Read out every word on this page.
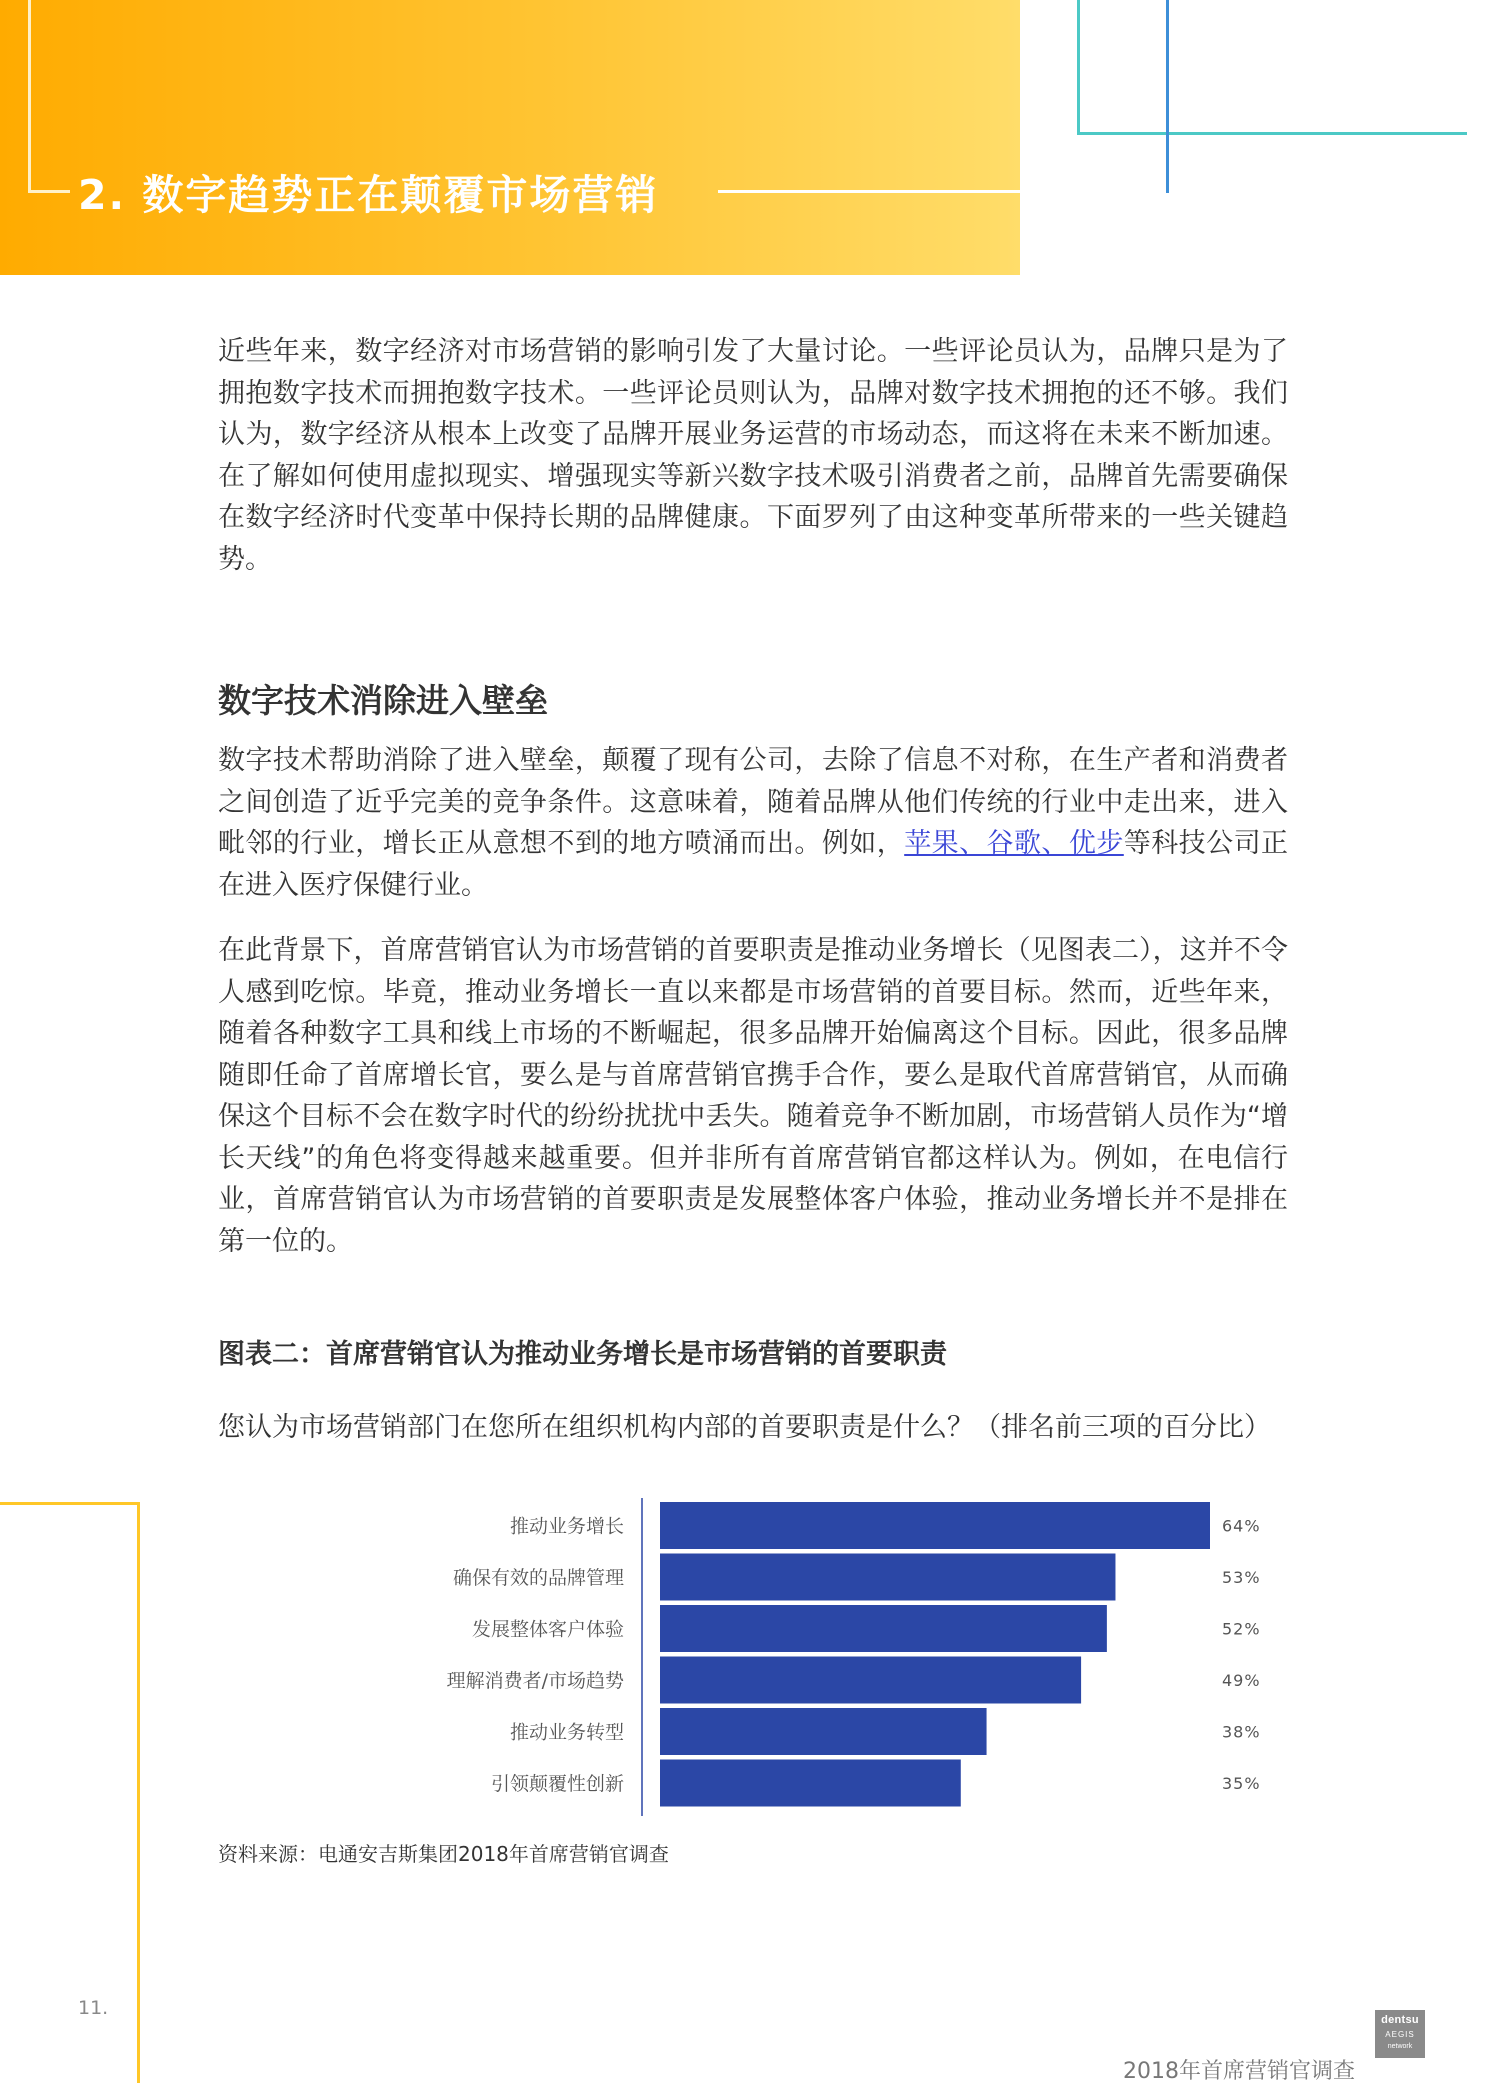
2. 数字趋势正在颠覆市场营销

近些年来，数字经济对市场营销的影响引发了大量讨论。一些评论员认为，品牌只是为了拥抱数字技术而拥抱数字技术。一些评论员则认为，品牌对数字技术拥抱的还不够。我们认为，数字经济从根本上改变了品牌开展业务运营的市场动态，而这将在未来不断加速。在了解如何使用虚拟现实、增强现实等新兴数字技术吸引消费者之前，品牌首先需要确保在数字经济时代变革中保持长期的品牌健康。下面罗列了由这种变革所带来的一些关键趋势。

数字技术消除进入壁垒

数字技术帮助消除了进入壁垒，颠覆了现有公司，去除了信息不对称，在生产者和消费者之间创造了近乎完美的竞争条件。这意味着，随着品牌从他们传统的行业中走出来，进入毗邻的行业，增长正从意想不到的地方喷涌而出。例如，苹果、谷歌、优步等科技公司正在进入医疗保健行业。

在此背景下，首席营销官认为市场营销的首要职责是推动业务增长（见图表二），这并不令人感到吃惊。毕竟，推动业务增长一直以来都是市场营销的首要目标。然而，近些年来，随着各种数字工具和线上市场的不断崛起，很多品牌开始偏离这个目标。因此，很多品牌随即任命了首席增长官，要么是与首席营销官携手合作，要么是取代首席营销官，从而确保这个目标不会在数字时代的纷纷扰扰中丢失。随着竞争不断加剧，市场营销人员作为“增长天线”的角色将变得越来越重要。但并非所有首席营销官都这样认为。例如，在电信行业，首席营销官认为市场营销的首要职责是发展整体客户体验，推动业务增长并不是排在第一位的。

图表二：首席营销官认为推动业务增长是市场营销的首要职责

您认为市场营销部门在您所在组织机构内部的首要职责是什么？（排名前三项的百分比）

推动业务增长	64%
确保有效的品牌管理	53%
发展整体客户体验	52%
理解消费者/市场趋势	49%
推动业务转型	38%
引领颠覆性创新	35%

资料来源：电通安吉斯集团2018年首席营销官调查

11.

2018年首席营销官调查

dentsu
AEGIS
network
